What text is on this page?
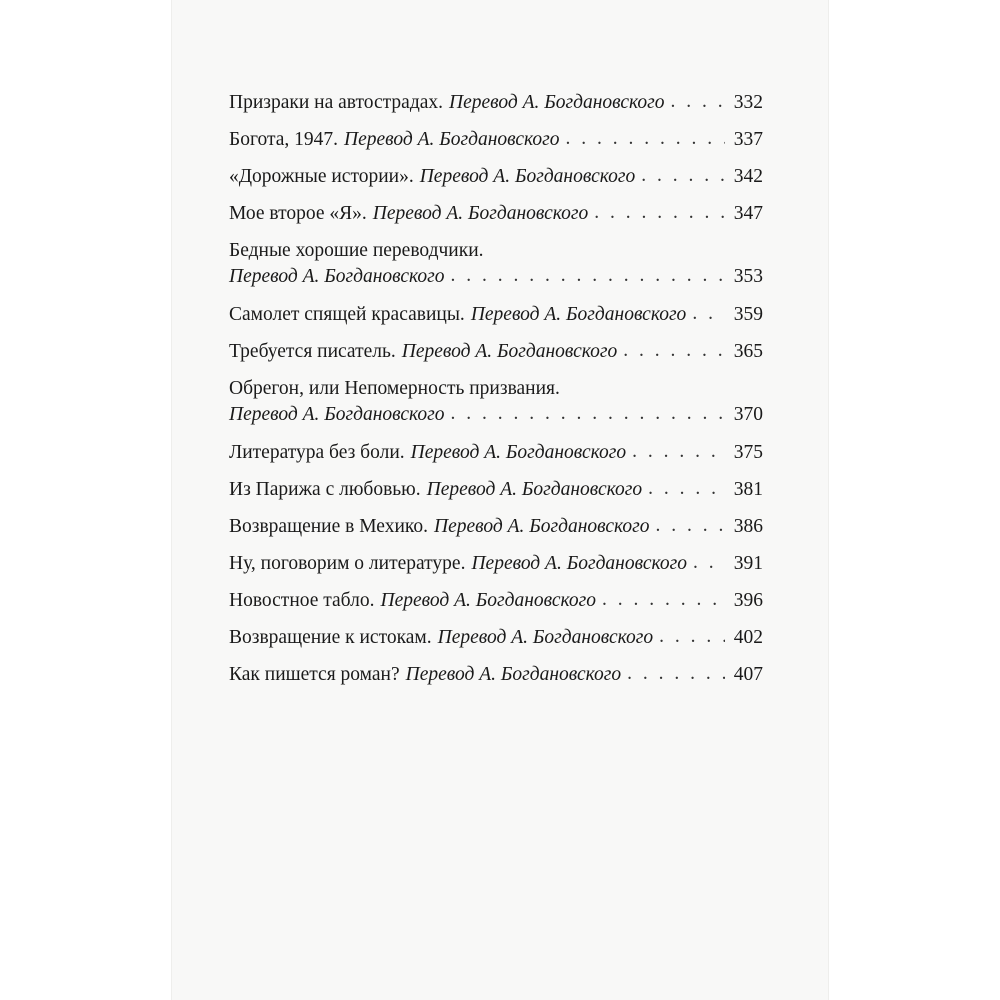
Призраки на автострадах. Перевод А. Богдановского . . .	332
Богота, 1947. Перевод А. Богдановского . . .	337
«Дорожные истории». Перевод А. Богдановского . . .	342
Мое второе «Я». Перевод А. Богдановского . . .	347
Бедные хорошие переводчики.
Перевод А. Богдановского . . .	353
Самолет спящей красавицы. Перевод А. Богдановского . . . 359
Требуется писатель. Перевод А. Богдановского . . .	365
Обрегон, или Непомерность призвания.
Перевод А. Богдановского . . .	370
Литература без боли. Перевод А. Богдановского . . .	375
Из Парижа с любовью. Перевод А. Богдановского . . .	381
Возвращение в Мехико. Перевод А. Богдановского . . .	386
Ну, поговорим о литературе. Перевод А. Богдановского . . . 391
Новостное табло. Перевод А. Богдановского . . .	396
Возвращение к истокам. Перевод А. Богдановского . . .	402
Как пишется роман? Перевод А. Богдановского . . .	407
